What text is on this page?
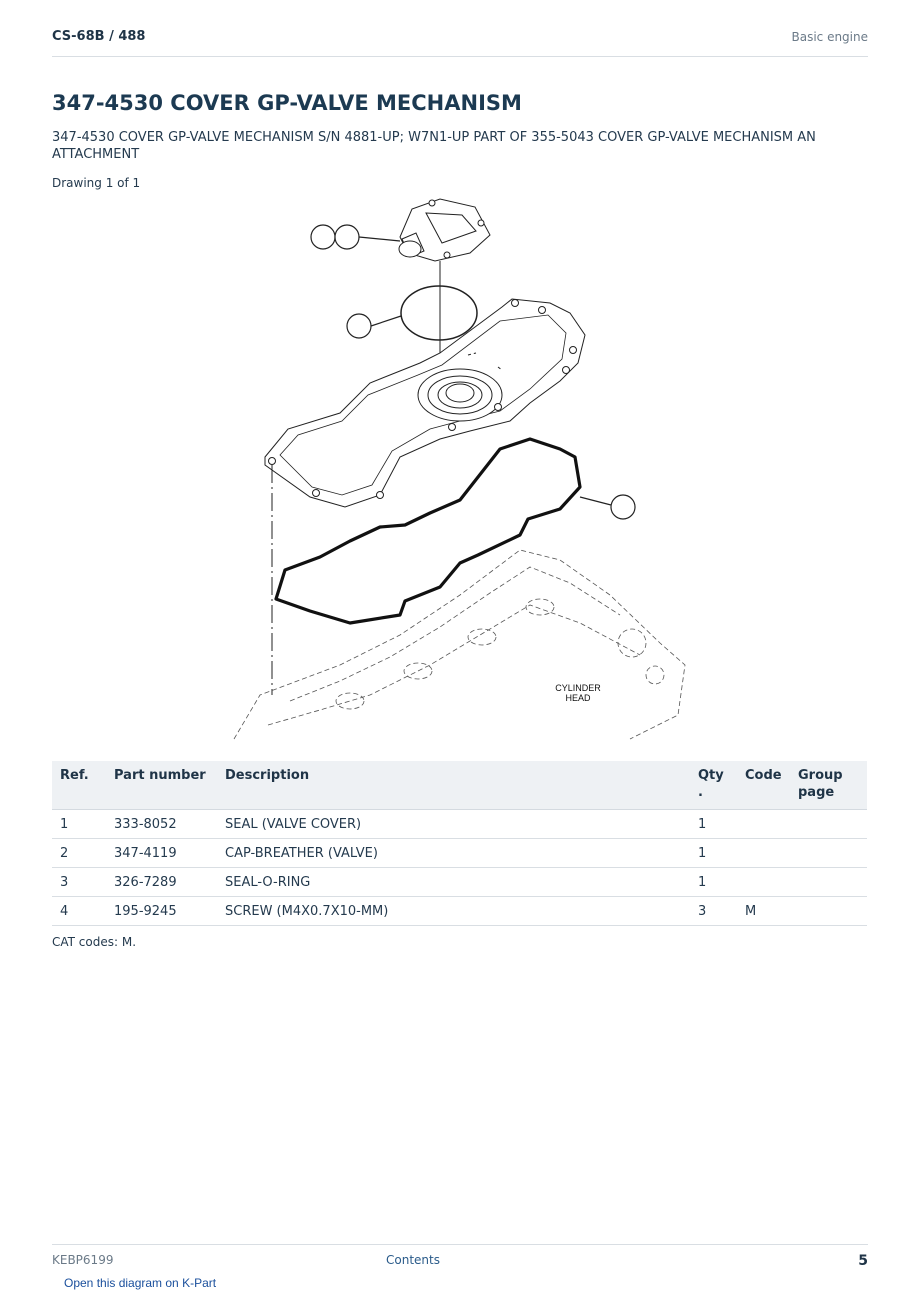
CS-68B / 488	Basic engine
347-4530 COVER GP-VALVE MECHANISM

347-4530 COVER GP-VALVE MECHANISM S/N 4881-UP; W7N1-UP PART OF 355-5043 COVER GP-VALVE MECHANISM AN ATTACHMENT

Drawing 1 of 1
CYLINDER
HEAD
Ref.	Part number	Description	Qty .	Code	Group page
1	333-8052	SEAL (VALVE COVER)	1		
2	347-4119	CAP-BREATHER (VALVE)	1		
3	326-7289	SEAL-O-RING	1		
4	195-9245	SCREW (M4X0.7X10-MM)	3	M	
CAT codes: M.
KEBP6199	Contents	5
Open this diagram on K-Part
